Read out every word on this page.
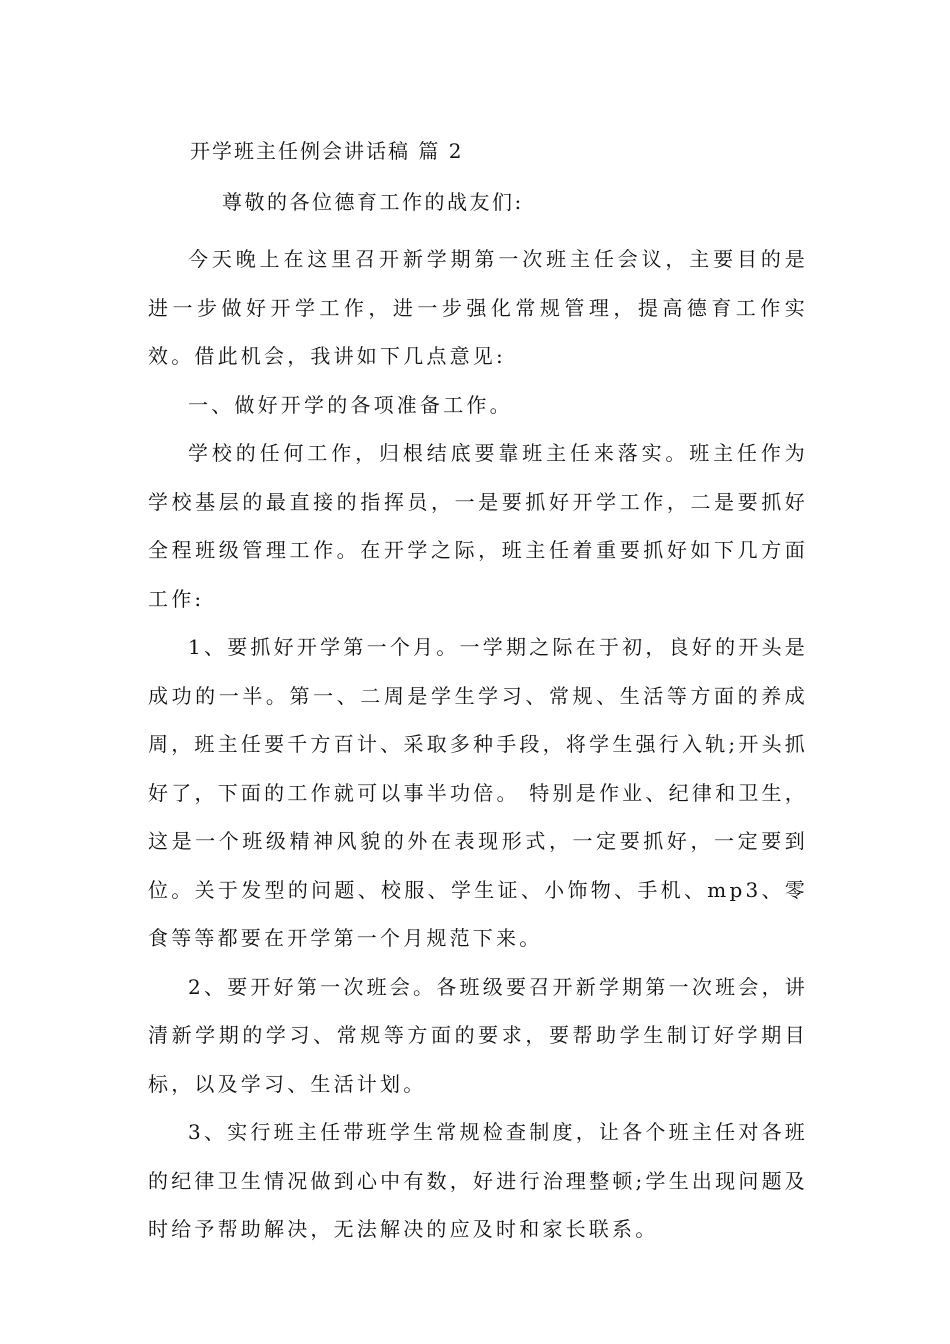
开学班主任例会讲话稿 篇 2
尊敬的各位德育工作的战友们:

今天晚上在这里召开新学期第一次班主任会议，主要目的是进一步做好开学工作，进一步强化常规管理，提高德育工作实效。借此机会，我讲如下几点意见:

一、做好开学的各项准备工作。

学校的任何工作，归根结底要靠班主任来落实。班主任作为学校基层的最直接的指挥员，一是要抓好开学工作，二是要抓好全程班级管理工作。在开学之际，班主任着重要抓好如下几方面工作:

1、要抓好开学第一个月。一学期之际在于初，良好的开头是成功的一半。第一、二周是学生学习、常规、生活等方面的养成周，班主任要千方百计、采取多种手段，将学生强行入轨;开头抓好了，下面的工作就可以事半功倍。 特别是作业、纪律和卫生，这是一个班级精神风貌的外在表现形式，一定要抓好，一定要到位。关于发型的问题、校服、学生证、小饰物、手机、mp3、零食等等都要在开学第一个月规范下来。

2、要开好第一次班会。各班级要召开新学期第一次班会，讲清新学期的学习、常规等方面的要求，要帮助学生制订好学期目标，以及学习、生活计划。

3、实行班主任带班学生常规检查制度，让各个班主任对各班的纪律卫生情况做到心中有数，好进行治理整顿;学生出现问题及时给予帮助解决，无法解决的应及时和家长联系。
